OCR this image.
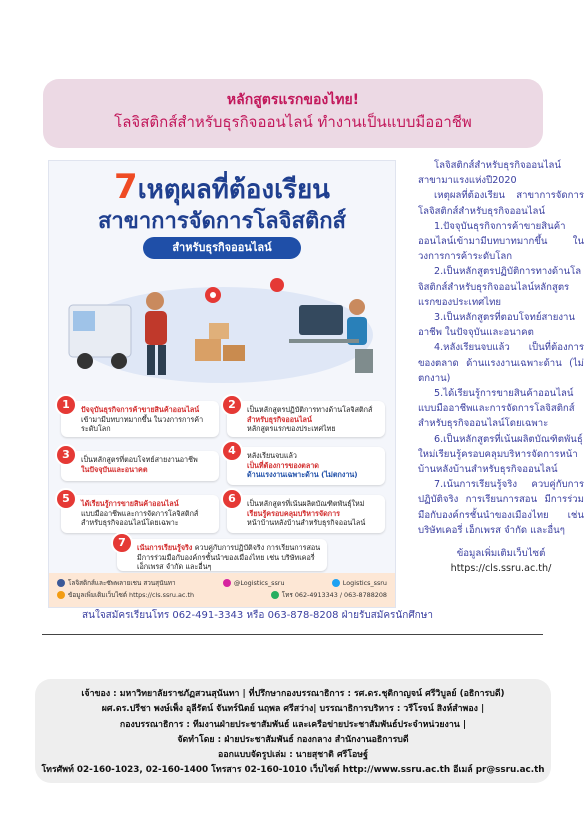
หลักสูตรแรกของไทย!
โลจิสติกส์สำหรับธุรกิจออนไลน์ ทำงานเป็นแบบมืออาชีพ
7เหตุผลที่ต้องเรียน
สาขาการจัดการโลจิสติกส์
สำหรับธุรกิจออนไลน์
1	ปัจจุบันธุรกิจการค้าขายสินค้าออนไลน์
เข้ามามีบทบาทมากขึ้น ในวงการการค้าระดับโลก
2	เป็นหลักสูตรปฏิบัติการทางด้านโลจิสติกส์
สำหรับธุรกิจออนไลน์
หลักสูตรแรกของประเทศไทย
3	เป็นหลักสูตรที่ตอบโจทย์สายงานอาชีพ
ในปัจจุบันและอนาคต
4	หลังเรียนจบแล้ว
เป็นที่ต้องการของตลาด
ด้านแรงงานเฉพาะด้าน (ไม่ตกงาน)
5	ได้เรียนรู้การขายสินค้าออนไลน์
แบบมืออาชีพและการจัดการโลจิสติกส์สำหรับธุรกิจออนไลน์โดยเฉพาะ
6	เป็นหลักสูตรที่เน้นผลิตบัณฑิตพันธุ์ใหม่
เรียนรู้ครอบคลุมบริหารจัดการ
หน้าบ้านหลังบ้านสำหรับธุรกิจออนไลน์
7	เน้นการเรียนรู้จริง ควบคู่กับการปฏิบัติจริง การเรียนการสอน มีการร่วมมือกับองค์กรชั้นนำของเมืองไทย เช่น บริษัทเคอรี่ เอ็กเพรส จำกัด และอื่นๆ
โลจิสติกส์และซัพพลายเชน สวนสุนันทา	@Logistics_ssru	Logistics_ssru
ข้อมูลเพิ่มเติมเว็บไซต์ https://cls.ssru.ac.th	โทร 062-4913343 / 063-8788208

โลจิสติกส์สำหรับธุรกิจออนไลน์ สาขามาแรงแห่งปี2020

เหตุผลที่ต้องเรียน สาขาการจัดการโลจิสติกส์สำหรับธุรกิจออนไลน์

1.ปัจจุบันธุรกิจการค้าขายสินค้าออนไลน์เข้ามามีบทบาทมากขึ้น ในวงการการค้าระดับโลก

2.เป็นหลักสูตรปฏิบัติการทางด้านโลจิสติกส์สำหรับธุรกิจออนไลน์หลักสูตรแรกของประเทศไทย

3.เป็นหลักสูตรที่ตอบโจทย์สายงานอาชีพ ในปัจจุบันและอนาคต

4.หลังเรียนจบแล้ว เป็นที่ต้องการของตลาด ด้านแรงงานเฉพาะด้าน (ไม่ตกงาน)

5.ได้เรียนรู้การขายสินค้าออนไลน์ แบบมืออาชีพและการจัดการโลจิสติกส์สำหรับธุรกิจออนไลน์โดยเฉพาะ

6.เป็นหลักสูตรที่เน้นผลิตบัณฑิตพันธุ์ใหม่เรียนรู้ครอบคลุมบริหารจัดการหน้าบ้านหลังบ้านสำหรับธุรกิจออนไลน์

7.เน้นการเรียนรู้จริง ควบคู่กับการปฏิบัติจริง การเรียนการสอน มีการร่วมมือกับองค์กรชั้นนำของเมืองไทย เช่น บริษัทเคอรี่ เอ็กเพรส จำกัด และอื่นๆ

ข้อมูลเพิ่มเติมเว็บไซต์

https://cls.ssru.ac.th/

สนใจสมัครเรียนโทร 062-491-3343 หรือ 063-878-8208 ฝ่ายรับสมัครนักศึกษา
เจ้าของ : มหาวิทยาลัยราชภัฏสวนสุนันทา | ที่ปรึกษากองบรรณาธิการ : รศ.ดร.ชุติกาญจน์ ศรีวิบูลย์ (อธิการบดี)
ผศ.ดร.ปรีชา พงษ์เพ็ง อุลีรัตน์ จันทร์นิตย์ นฤพล ศรีสว่าง| บรรณาธิการบริหาร : วรีโรจน์ สิงห์สำพอง |
กองบรรณาธิการ : ทีมงานฝ่ายประชาสัมพันธ์ และเครือข่ายประชาสัมพันธ์ประจำหน่วยงาน |
จัดทำโดย : ฝ่ายประชาสัมพันธ์ กองกลาง สำนักงานอธิการบดี
ออกแบบจัดรูปเล่ม : นายสุชาติ ศรีโอษฐ์
โทรศัพท์ 02-160-1023, 02-160-1400 โทรสาร 02-160-1010 เว็บไซต์ http://www.ssru.ac.th อีเมล์ pr@ssru.ac.th
